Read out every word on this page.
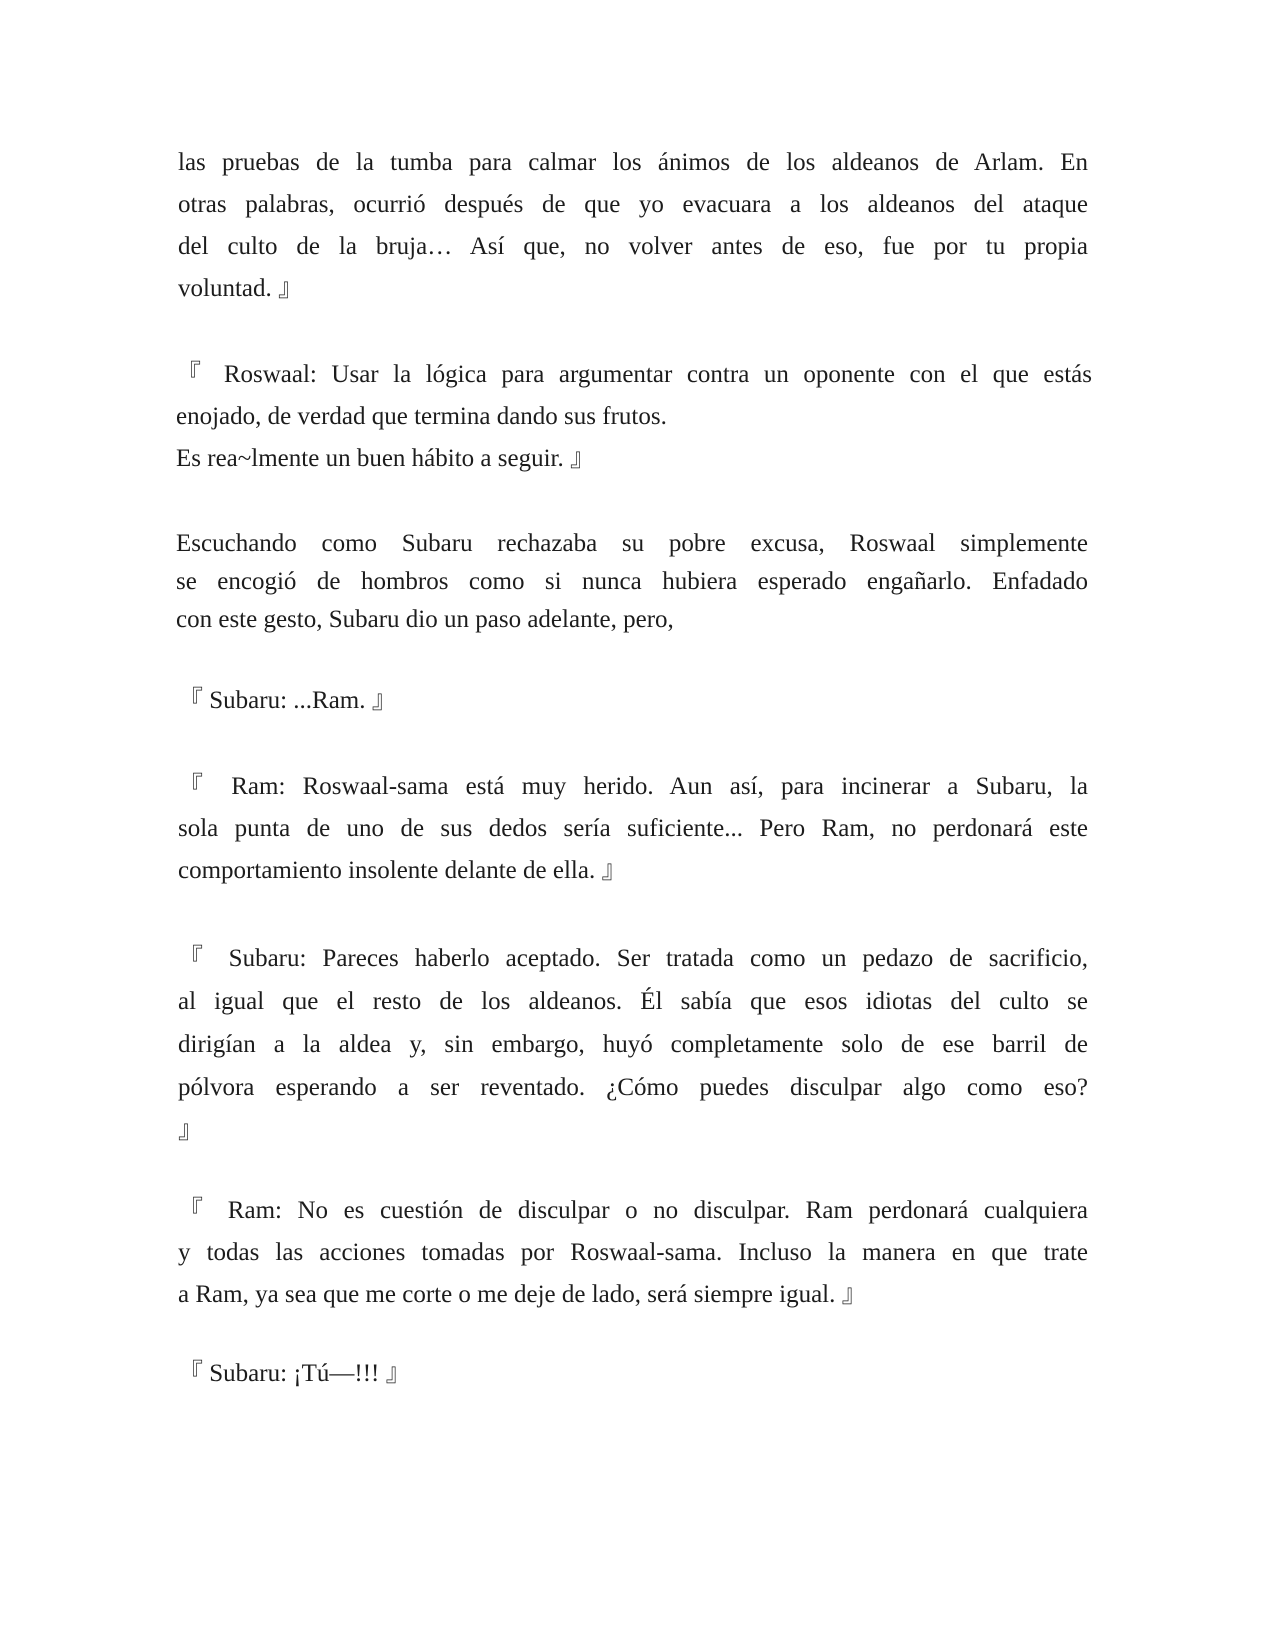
las pruebas de la tumba para calmar los ánimos de los aldeanos de Arlam. En
otras palabras, ocurrió después de que yo evacuara a los aldeanos del ataque
del culto de la bruja… Así que, no volver antes de eso, fue por tu propia
voluntad. 』

『 Roswaal: Usar la lógica para argumentar contra un oponente con el que estás
enojado, de verdad que termina dando sus frutos.
Es rea~lmente un buen hábito a seguir. 』

Escuchando como Subaru rechazaba su pobre excusa, Roswaal simplemente
se encogió de hombros como si nunca hubiera esperado engañarlo. Enfadado
con este gesto, Subaru dio un paso adelante, pero,

『 Subaru: ...Ram. 』

『 Ram: Roswaal-sama está muy herido. Aun así, para incinerar a Subaru, la
sola punta de uno de sus dedos sería suficiente... Pero Ram, no perdonará este
comportamiento insolente delante de ella. 』

『 Subaru: Pareces haberlo aceptado. Ser tratada como un pedazo de sacrificio,
al igual que el resto de los aldeanos. Él sabía que esos idiotas del culto se
dirigían a la aldea y, sin embargo, huyó completamente solo de ese barril de
pólvora esperando a ser reventado. ¿Cómo puedes disculpar algo como eso?
』

『 Ram: No es cuestión de disculpar o no disculpar. Ram perdonará cualquiera
y todas las acciones tomadas por Roswaal-sama. Incluso la manera en que trate
a Ram, ya sea que me corte o me deje de lado, será siempre igual. 』

『 Subaru: ¡Tú—!!! 』
